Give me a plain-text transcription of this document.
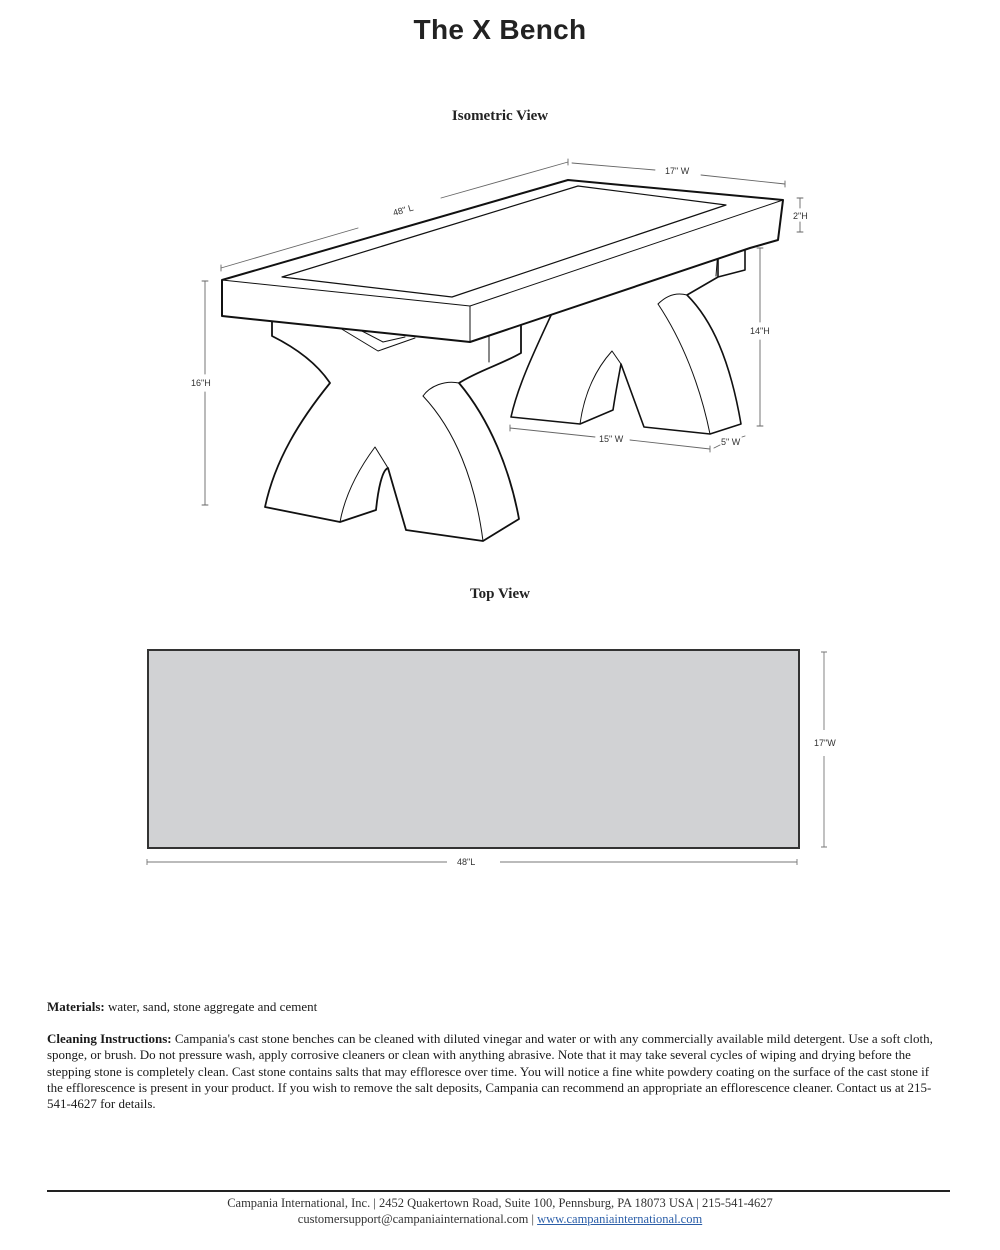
The X Bench
Isometric View
48" L
17" W
2"H
14"H
16"H
15" W	5" W
Top View
48"L
17"W
Materials: water, sand, stone aggregate and cement
Cleaning Instructions: Campania's cast stone benches can be cleaned with diluted vinegar and water or with any commercially available mild detergent. Use a soft cloth, sponge, or brush. Do not pressure wash, apply corrosive cleaners or clean with anything abrasive. Note that it may take several cycles of wiping and drying before the stepping stone is completely clean. Cast stone contains salts that may effloresce over time. You will notice a fine white powdery coating on the surface of the cast stone if the efflorescence is present in your product. If you wish to remove the salt deposits, Campania can recommend an appropriate an efflorescence cleaner. Contact us at 215-541-4627 for details.
Campania International, Inc. | 2452 Quakertown Road, Suite 100, Pennsburg, PA 18073 USA | 215-541-4627
customersupport@campaniainternational.com | www.campaniainternational.com
